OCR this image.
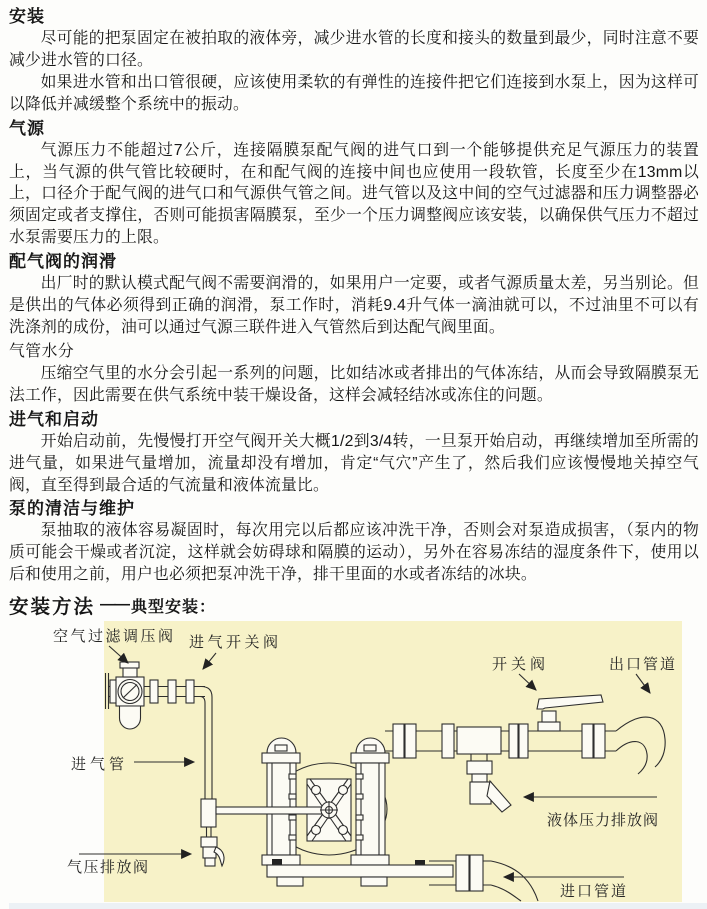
安装

尽可能的把泵固定在被拍取的液体旁，减少进水管的长度和接头的数量到最少，同时注意不要减少进水管的口径。

如果进水管和出口管很硬，应该使用柔软的有弹性的连接件把它们连接到水泵上，因为这样可以降低并减缓整个系统中的振动。

气源

气源压力不能超过7公斤，连接隔膜泵配气阀的进气口到一个能够提供充足气源压力的装置上，当气源的供气管比较硬时，在和配气阀的连接中间也应使用一段软管，长度至少在13mm以上，口径介于配气阀的进气口和气源供气管之间。进气管以及这中间的空气过滤器和压力调整器必须固定或者支撑住，否则可能损害隔膜泵，至少一个压力调整阀应该安装，以确保供气压力不超过水泵需要压力的上限。

配气阀的润滑

出厂时的默认模式配气阀不需要润滑的，如果用户一定要，或者气源质量太差，另当别论。但是供出的气体必须得到正确的润滑，泵工作时，消耗9.4升气体一滴油就可以，不过油里不可以有洗涤剂的成份，油可以通过气源三联件进入气管然后到达配气阀里面。

气管水分

压缩空气里的水分会引起一系列的问题，比如结冰或者排出的气体冻结，从而会导致隔膜泵无法工作，因此需要在供气系统中装干燥设备，这样会减轻结冰或冻住的问题。

进气和启动

开始启动前，先慢慢打开空气阀开关大概1/2到3/4转，一旦泵开始启动，再继续增加至所需的进气量，如果进气量增加，流量却没有增加，肯定“气穴”产生了，然后我们应该慢慢地关掉空气阀，直至得到最合适的气流量和液体流量比。

泵的清洁与维护

泵抽取的液体容易凝固时，每次用完以后都应该冲洗干净，否则会对泵造成损害，（泵内的物质可能会干燥或者沉淀，这样就会妨碍球和隔膜的运动），另外在容易冻结的湿度条件下，使用以后和使用之前，用户也必须把泵冲洗干净，排干里面的水或者冻结的冰块。

安装方法 —— 典型安装：
空气过滤调压阀 进气开关阀
进气管
气压排放阀
开关阀	出口管道
液体压力排放阀
进口管道
